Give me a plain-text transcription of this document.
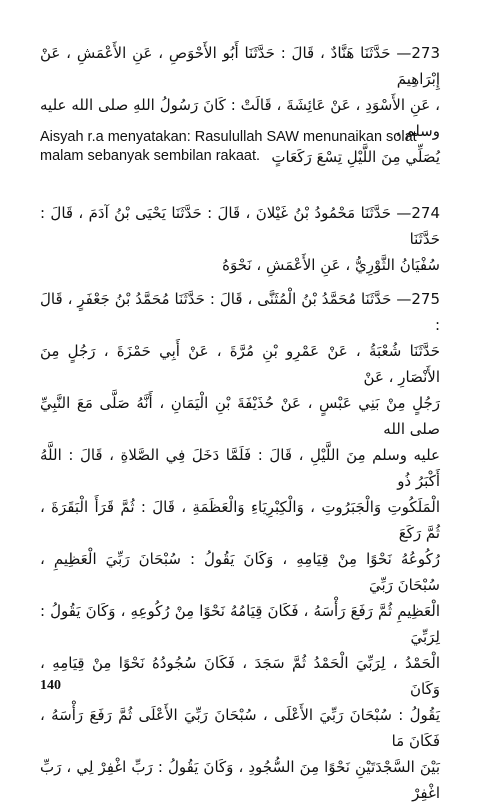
273— حَدَّثَنَا هَنَّادٌ ، قَالَ : حَدَّثَنَا أَبُو الأَحْوَصِ ، عَنِ الأَعْمَشِ ، عَنْ إِبْرَاهِيمَ

، عَنِ الأَسْوَدِ ، عَنْ عَائِشَةَ ، قَالَتْ : كَانَ رَسُولُ اللهِ صلى الله عليه وسلم ،

يُصَلِّي مِنَ اللَّيْلِ تِسْعَ رَكَعَاتٍ

Aisyah r.a menyatakan: Rasulullah SAW menunaikan solat malam sebanyak sembilan rakaat.

274— حَدَّثَنَا مَحْمُودُ بْنُ غَيْلانَ ، قَالَ : حَدَّثَنَا يَحْيَى بْنُ آدَمَ ، قَالَ : حَدَّثَنَا

سُفْيَانُ الثَّوْرِيُّ ، عَنِ الأَعْمَشِ ، نَحْوَهُ

275— حَدَّثَنَا مُحَمَّدُ بْنُ الْمُثَنَّى ، قَالَ : حَدَّثَنَا مُحَمَّدُ بْنُ جَعْفَرٍ ، قَالَ :

حَدَّثَنَا شُعْبَةُ ، عَنْ عَمْرِو بْنِ مُرَّةَ ، عَنْ أَبِي حَمْزَةَ ، رَجُلٍ مِنَ الأَنْصَارِ ، عَنْ

رَجُلٍ مِنْ بَنِي عَبْسٍ ، عَنْ حُذَيْفَةَ بْنِ الْيَمَانِ ، أَنَّهُ صَلَّى مَعَ النَّبِيِّ صلى الله

عليه وسلم مِنَ اللَّيْلِ ، قَالَ : فَلَمَّا دَخَلَ فِي الصَّلاةِ ، قَالَ : اللَّهُ أَكْبَرُ ذُو

الْمَلَكُوتِ وَالْجَبَرُوتِ ، وَالْكِبْرِيَاءِ وَالْعَظَمَةِ ، قَالَ : ثُمَّ قَرَأَ الْبَقَرَةَ ، ثُمَّ رَكَعَ

رُكُوعُهُ نَحْوًا مِنْ قِيَامِهِ ، وَكَانَ يَقُولُ : سُبْحَانَ رَبِّيَ الْعَظِيمِ ، سُبْحَانَ رَبِّيَ

الْعَظِيمِ ثُمَّ رَفَعَ رَأْسَهُ ، فَكَانَ قِيَامُهُ نَحْوًا مِنْ رُكُوعِهِ ، وَكَانَ يَقُولُ : لِرَبِّيَ

الْحَمْدُ ، لِرَبِّيَ الْحَمْدُ ثُمَّ سَجَدَ ، فَكَانَ سُجُودُهُ نَحْوًا مِنْ قِيَامِهِ ، وَكَانَ

يَقُولُ : سُبْحَانَ رَبِّيَ الأَعْلَى ، سُبْحَانَ رَبِّيَ الأَعْلَى ثُمَّ رَفَعَ رَأْسَهُ ، فَكَانَ مَا

بَيْنَ السَّجْدَتَيْنِ نَحْوًا مِنَ السُّجُودِ ، وَكَانَ يَقُولُ : رَبِّ اغْفِرْ لِي ، رَبِّ اغْفِرْ

140
